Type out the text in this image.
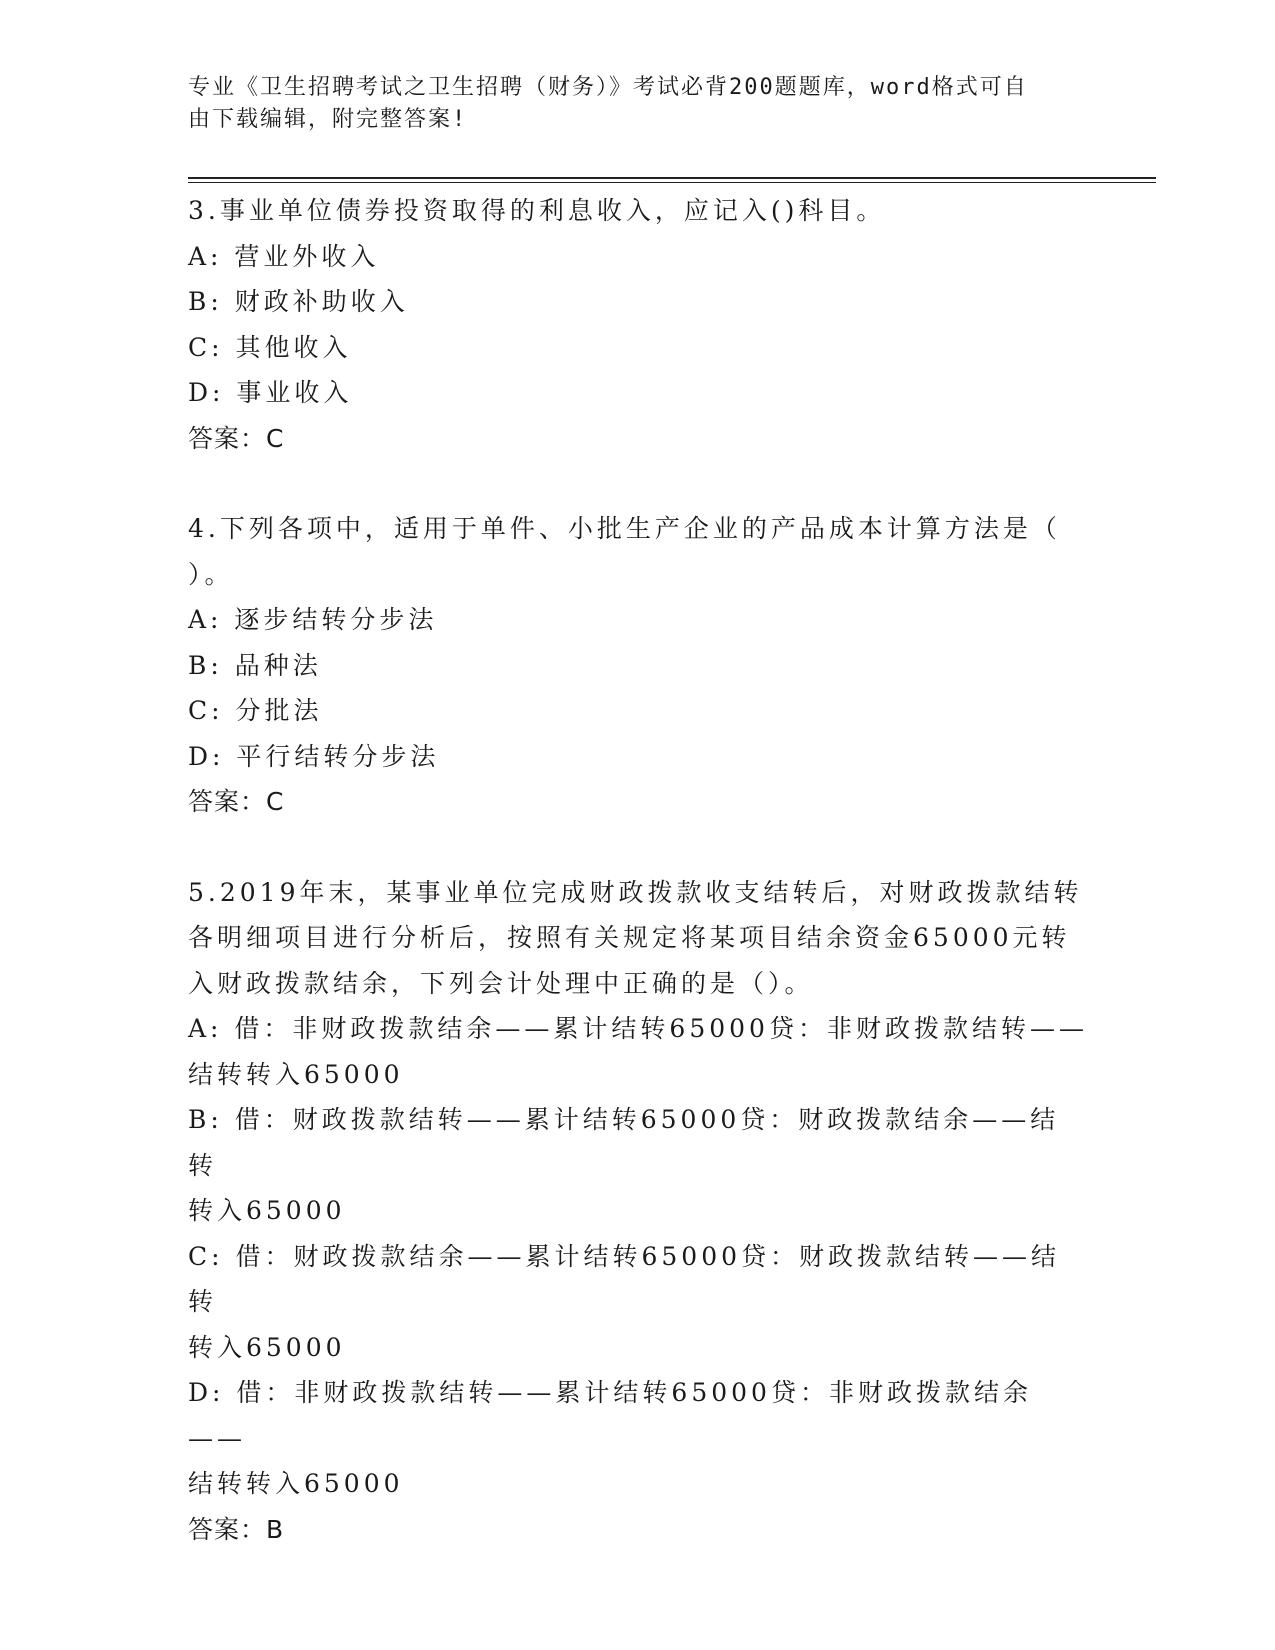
专业《卫生招聘考试之卫生招聘（财务）》考试必背200题题库，word格式可自
由下载编辑，附完整答案!
3.事业单位债券投资取得的利息收入，应记入()科目。
A: 营业外收入
B: 财政补助收入
C: 其他收入
D: 事业收入
答案：C
4.下列各项中，适用于单件、小批生产企业的产品成本计算方法是（
）。
A: 逐步结转分步法
B: 品种法
C: 分批法
D: 平行结转分步法
答案：C
5.2019年末，某事业单位完成财政拨款收支结转后，对财政拨款结转
各明细项目进行分析后，按照有关规定将某项目结余资金65000元转
入财政拨款结余，下列会计处理中正确的是（）。
A: 借：非财政拨款结余——累计结转65000贷：非财政拨款结转——
结转转入65000
B: 借：财政拨款结转——累计结转65000贷：财政拨款结余——结转
转入65000
C: 借：财政拨款结余——累计结转65000贷：财政拨款结转——结转
转入65000
D: 借：非财政拨款结转——累计结转65000贷：非财政拨款结余——
结转转入65000
答案：B
